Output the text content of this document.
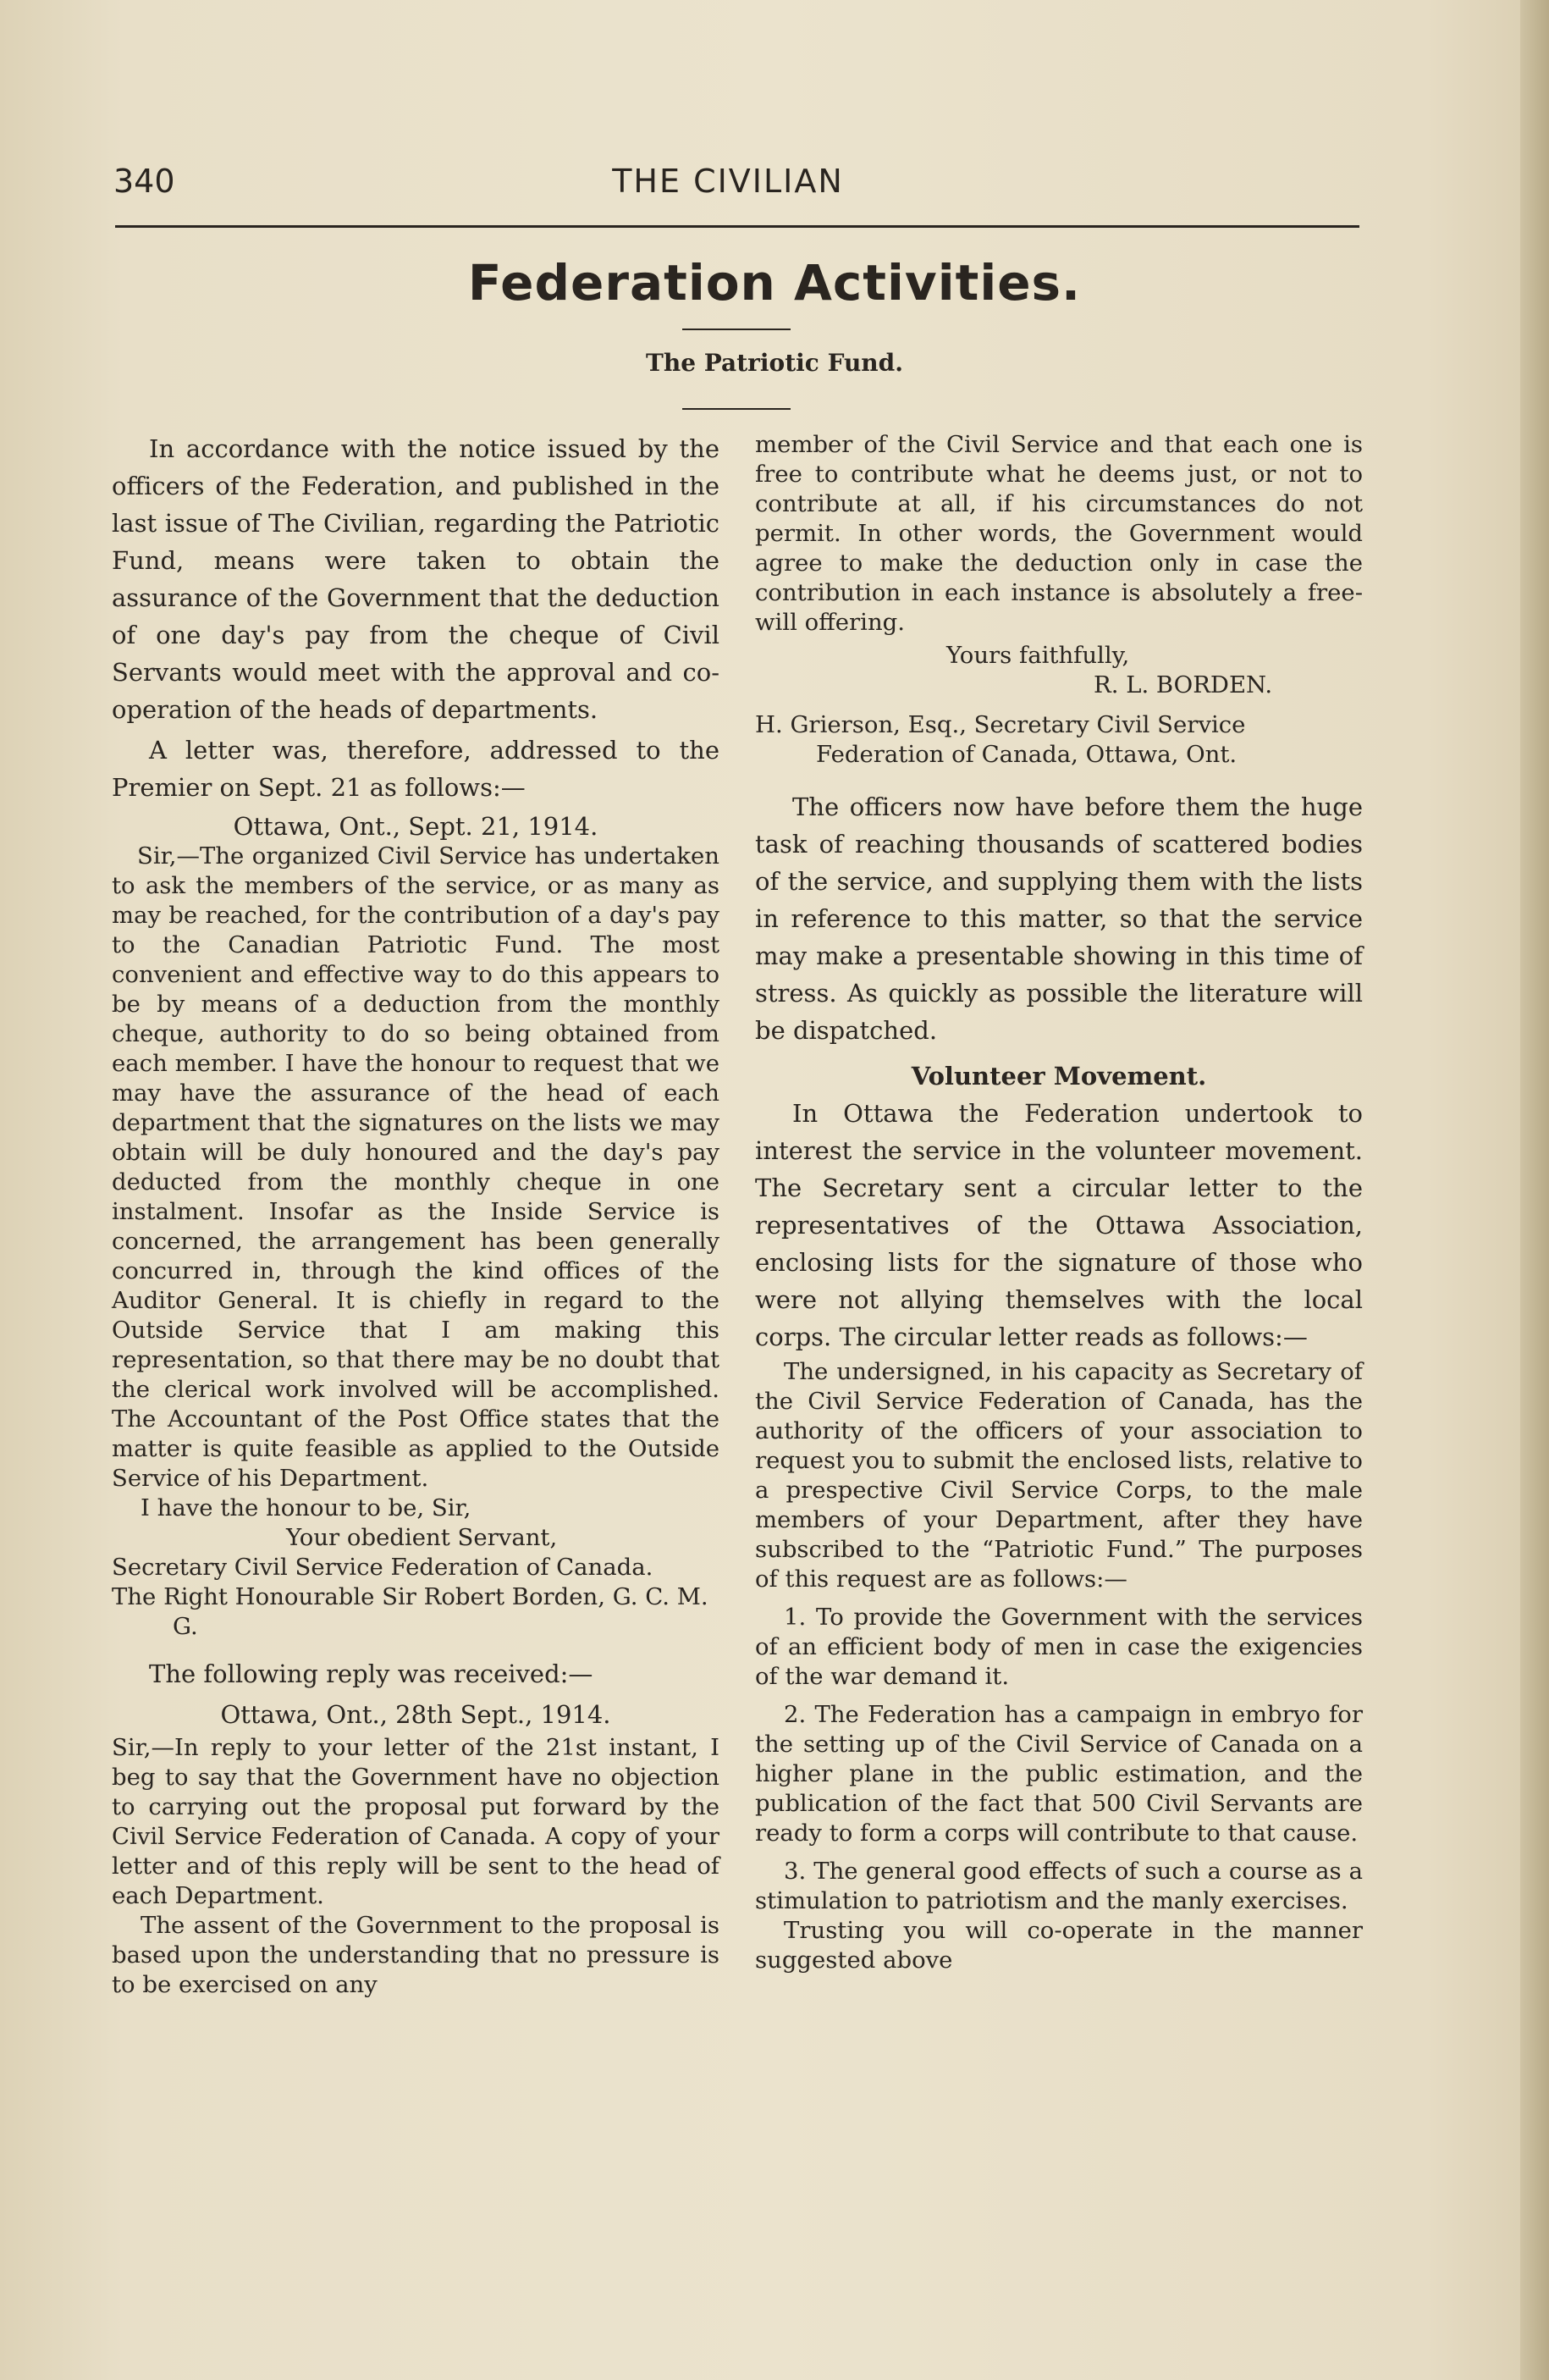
340	THE CIVILIAN
Federation Activities.
The Patriotic Fund.

In accordance with the notice issued by the officers of the Federation, and published in the last issue of The Civilian, regarding the Patriotic Fund, means were taken to obtain the assurance of the Government that the deduction of one day's pay from the cheque of Civil Servants would meet with the approval and co-operation of the heads of departments.

A letter was, therefore, addressed to the Premier on Sept. 21 as follows:—

Ottawa, Ont., Sept. 21, 1914.

Sir,—The organized Civil Service has undertaken to ask the members of the service, or as many as may be reached, for the contribution of a day's pay to the Canadian Patriotic Fund. The most convenient and effective way to do this appears to be by means of a deduction from the monthly cheque, authority to do so being obtained from each member. I have the honour to request that we may have the assurance of the head of each department that the signatures on the lists we may obtain will be duly honoured and the day's pay deducted from the monthly cheque in one instalment. Insofar as the Inside Service is concerned, the arrangement has been generally concurred in, through the kind offices of the Auditor General. It is chiefly in regard to the Outside Service that I am making this representation, so that there may be no doubt that the clerical work involved will be accomplished. The Accountant of the Post Office states that the matter is quite feasible as applied to the Outside Service of his Department.

I have the honour to be, Sir,

Your obedient Servant,

Secretary Civil Service Federation of Canada.

The Right Honourable Sir Robert Borden, G. C. M. G.

The following reply was received:—

Ottawa, Ont., 28th Sept., 1914.

Sir,—In reply to your letter of the 21st instant, I beg to say that the Government have no objection to carrying out the proposal put forward by the Civil Service Federation of Canada. A copy of your letter and of this reply will be sent to the head of each Department.

The assent of the Government to the proposal is based upon the understanding that no pressure is to be exercised on any

member of the Civil Service and that each one is free to contribute what he deems just, or not to contribute at all, if his circumstances do not permit. In other words, the Government would agree to make the deduction only in case the contribution in each instance is absolutely a free-will offering.

Yours faithfully,

R. L. BORDEN.

H. Grierson, Esq., Secretary Civil Service Federation of Canada, Ottawa, Ont.

The officers now have before them the huge task of reaching thousands of scattered bodies of the service, and supplying them with the lists in reference to this matter, so that the service may make a presentable showing in this time of stress. As quickly as possible the literature will be dispatched.

Volunteer Movement.

In Ottawa the Federation undertook to interest the service in the volunteer movement. The Secretary sent a circular letter to the representatives of the Ottawa Association, enclosing lists for the signature of those who were not allying themselves with the local corps. The circular letter reads as follows:—

The undersigned, in his capacity as Secretary of the Civil Service Federation of Canada, has the authority of the officers of your association to request you to submit the enclosed lists, relative to a prespective Civil Service Corps, to the male members of your Department, after they have subscribed to the “Patriotic Fund.” The purposes of this request are as follows:—

1. To provide the Government with the services of an efficient body of men in case the exigencies of the war demand it.

2. The Federation has a campaign in embryo for the setting up of the Civil Service of Canada on a higher plane in the public estimation, and the publication of the fact that 500 Civil Servants are ready to form a corps will contribute to that cause.

3. The general good effects of such a course as a stimulation to patriotism and the manly exercises.

Trusting you will co-operate in the manner suggested above
